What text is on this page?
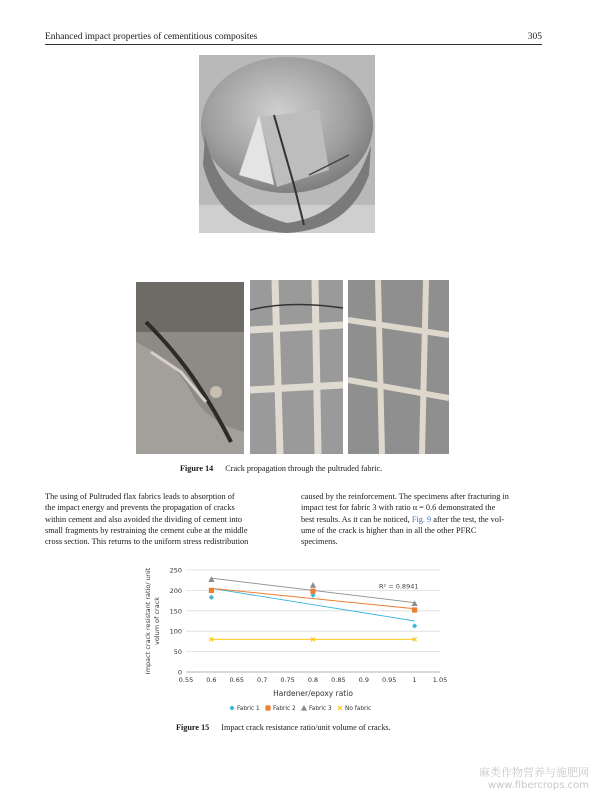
Enhanced impact properties of cementitious composites	305
Figure 14 Crack propagation through the pultruded fabric.
The using of Pultruded flax fabrics leads to absorption of
the impact energy and prevents the propagation of cracks
within cement and also avoided the dividing of cement into
small fragments by restraining the cement cube at the middle
cross section. This returns to the uniform stress redistribution
caused by the reinforcement. The specimens after fracturing in
impact test for fabric 3 with ratio α = 0.6 demonstrated the
best results. As it can be noticed, Fig. 9 after the test, the vol-
ume of the crack is higher than in all the other PFRC
specimens.
0
50
100
150
200
250
0.55 0.6 0.65 0.7 0.75 0.8 0.85 0.9 0.95 1 1.05
Hardener/epoxy ratio
Impact crack resistant ratio/ unit volum of crack
R² = 0.8941
Fabric 1 Fabric 2 Fabric 3 No fabric
Figure 15 Impact crack resistance ratio/unit volume of cracks.
麻类作物营养与施肥网
www.fibercrops.com
